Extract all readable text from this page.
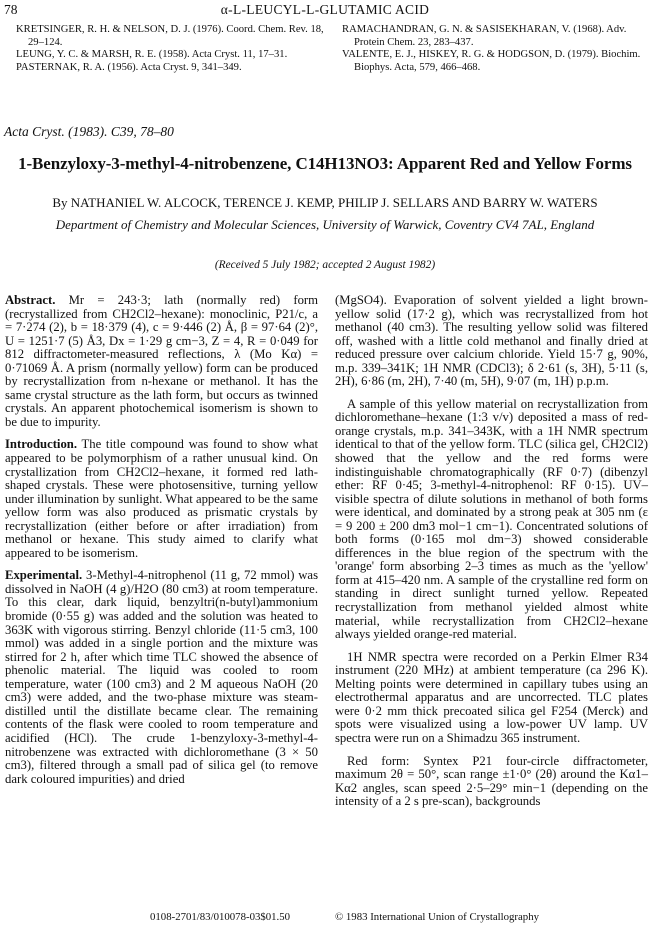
78	α-L-LEUCYL-L-GLUTAMIC ACID
KRETSINGER, R. H. & NELSON, D. J. (1976). Coord. Chem. Rev. 18, 29–124.
LEUNG, Y. C. & MARSH, R. E. (1958). Acta Cryst. 11, 17–31.
PASTERNAK, R. A. (1956). Acta Cryst. 9, 341–349.
RAMACHANDRAN, G. N. & SASISEKHARAN, V. (1968). Adv. Protein Chem. 23, 283–437.
VALENTE, E. J., HISKEY, R. G. & HODGSON, D. (1979). Biochim. Biophys. Acta, 579, 466–468.
Acta Cryst. (1983). C39, 78–80
1-Benzyloxy-3-methyl-4-nitrobenzene, C14H13NO3: Apparent Red and Yellow Forms
By NATHANIEL W. ALCOCK, TERENCE J. KEMP, PHILIP J. SELLARS AND BARRY W. WATERS
Department of Chemistry and Molecular Sciences, University of Warwick, Coventry CV4 7AL, England
(Received 5 July 1982; accepted 2 August 1982)

Abstract. Mr = 243·3; lath (normally red) form (recrystallized from CH2Cl2–hexane): monoclinic, P21/c, a = 7·274 (2), b = 18·379 (4), c = 9·446 (2) Å, β = 97·64 (2)°, U = 1251·7 (5) Å3, Dx = 1·29 g cm−3, Z = 4, R = 0·049 for 812 diffractometer-measured reflections, λ (Mo Kα) = 0·71069 Å. A prism (normally yellow) form can be produced by recrystallization from n-hexane or methanol. It has the same crystal structure as the lath form, but occurs as twinned crystals. An apparent photochemical isomerism is shown to be due to impurity.

Introduction. The title compound was found to show what appeared to be polymorphism of a rather unusual kind. On crystallization from CH2Cl2–hexane, it formed red lath-shaped crystals. These were photosensitive, turning yellow under illumination by sunlight. What appeared to be the same yellow form was also produced as prismatic crystals by recrystallization (either before or after irradiation) from methanol or hexane. This study aimed to clarify what appeared to be isomerism.

Experimental. 3-Methyl-4-nitrophenol (11 g, 72 mmol) was dissolved in NaOH (4 g)/H2O (80 cm3) at room temperature. To this clear, dark liquid, benzyltri(n-butyl)ammonium bromide (0·55 g) was added and the solution was heated to 363K with vigorous stirring. Benzyl chloride (11·5 cm3, 100 mmol) was added in a single portion and the mixture was stirred for 2 h, after which time TLC showed the absence of phenolic material. The liquid was cooled to room temperature, water (100 cm3) and 2 M aqueous NaOH (20 cm3) were added, and the two-phase mixture was steam-distilled until the distillate became clear. The remaining contents of the flask were cooled to room temperature and acidified (HCl). The crude 1-benzyloxy-3-methyl-4-nitrobenzene was extracted with dichloromethane (3 × 50 cm3), filtered through a small pad of silica gel (to remove dark coloured impurities) and dried

(MgSO4). Evaporation of solvent yielded a light brown-yellow solid (17·2 g), which was recrystallized from hot methanol (40 cm3). The resulting yellow solid was filtered off, washed with a little cold methanol and finally dried at reduced pressure over calcium chloride. Yield 15·7 g, 90%, m.p. 339–341K; 1H NMR (CDCl3); δ 2·61 (s, 3H), 5·11 (s, 2H), 6·86 (m, 2H), 7·40 (m, 5H), 9·07 (m, 1H) p.p.m.

A sample of this yellow material on recrystallization from dichloromethane–hexane (1:3 v/v) deposited a mass of red-orange crystals, m.p. 341–343K, with a 1H NMR spectrum identical to that of the yellow form. TLC (silica gel, CH2Cl2) showed that the yellow and the red forms were indistinguishable chromatographically (RF 0·7) (dibenzyl ether: RF 0·45; 3-methyl-4-nitrophenol: RF 0·15). UV–visible spectra of dilute solutions in methanol of both forms were identical, and dominated by a strong peak at 305 nm (ε = 9 200 ± 200 dm3 mol−1 cm−1). Concentrated solutions of both forms (0·165 mol dm−3) showed considerable differences in the blue region of the spectrum with the 'orange' form absorbing 2–3 times as much as the 'yellow' form at 415–420 nm. A sample of the crystalline red form on standing in direct sunlight turned yellow. Repeated recrystallization from methanol yielded almost white material, while recrystallization from CH2Cl2–hexane always yielded orange-red material.

1H NMR spectra were recorded on a Perkin Elmer R34 instrument (220 MHz) at ambient temperature (ca 296 K). Melting points were determined in capillary tubes using an electrothermal apparatus and are uncorrected. TLC plates were 0·2 mm thick precoated silica gel F254 (Merck) and spots were visualized using a low-power UV lamp. UV spectra were run on a Shimadzu 365 instrument.

Red form: Syntex P21 four-circle diffractometer, maximum 2θ = 50°, scan range ±1·0° (2θ) around the Kα1–Kα2 angles, scan speed 2·5–29° min−1 (depending on the intensity of a 2 s pre-scan), backgrounds

0108-2701/83/010078-03$01.50	© 1983 International Union of Crystallography
